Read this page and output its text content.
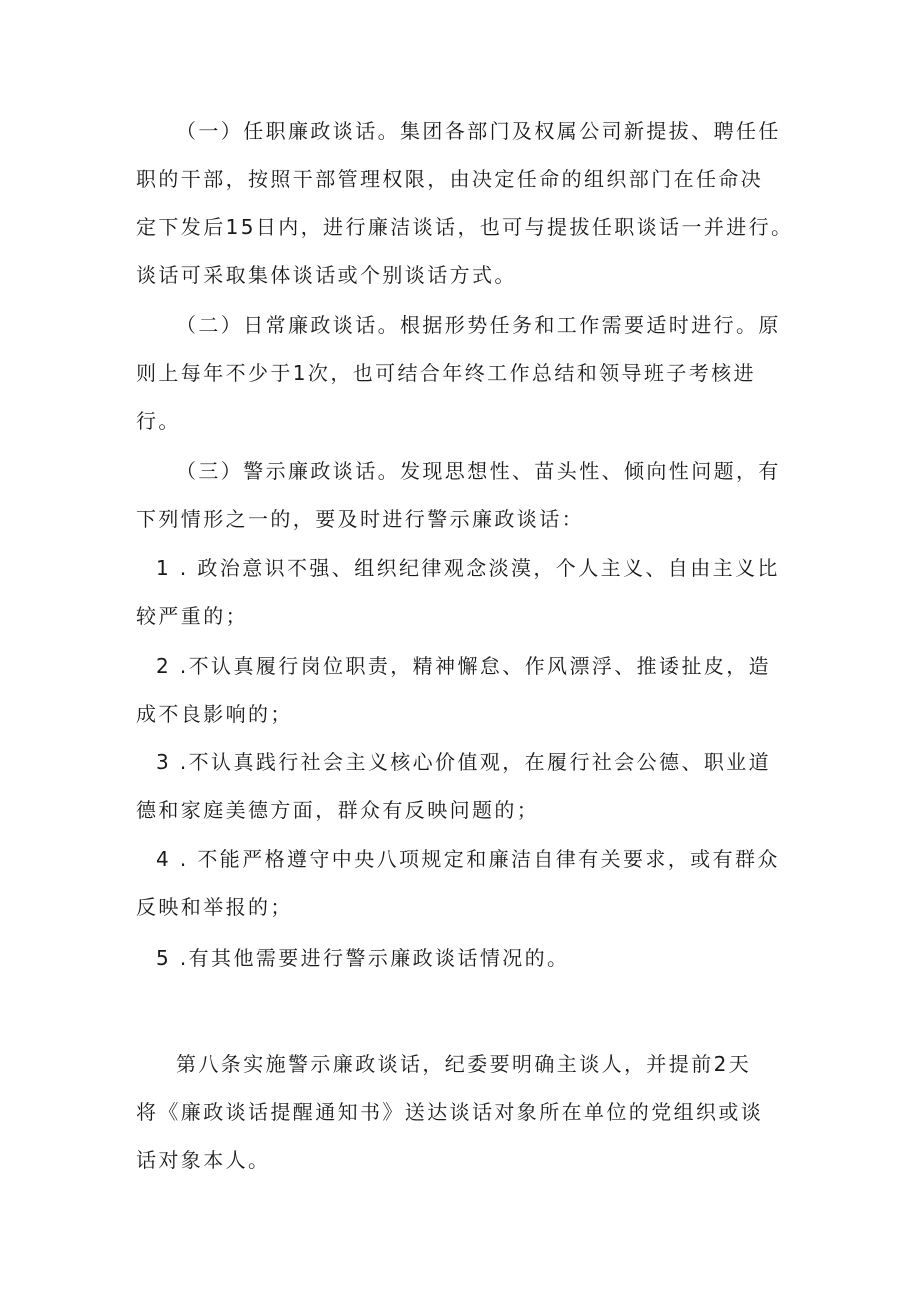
（一）任职廉政谈话。集团各部门及权属公司新提拔、聘任任
职的干部，按照干部管理权限，由决定任命的组织部门在任命决
定下发后15日内，进行廉洁谈话，也可与提拔任职谈话一并进行。
谈话可采取集体谈话或个别谈话方式。
（二）日常廉政谈话。根据形势任务和工作需要适时进行。原
则上每年不少于1次，也可结合年终工作总结和领导班子考核进
行。
（三）警示廉政谈话。发现思想性、苗头性、倾向性问题，有
下列情形之一的，要及时进行警示廉政谈话：
1 . 政治意识不强、组织纪律观念淡漠，个人主义、自由主义比
较严重的；
2 .不认真履行岗位职责，精神懈怠、作风漂浮、推诿扯皮，造
成不良影响的；
3 .不认真践行社会主义核心价值观，在履行社会公德、职业道
德和家庭美德方面，群众有反映问题的；
4 . 不能严格遵守中央八项规定和廉洁自律有关要求，或有群众
反映和举报的；
5 .有其他需要进行警示廉政谈话情况的。
第八条实施警示廉政谈话，纪委要明确主谈人，并提前2天
将《廉政谈话提醒通知书》送达谈话对象所在单位的党组织或谈
话对象本人。
